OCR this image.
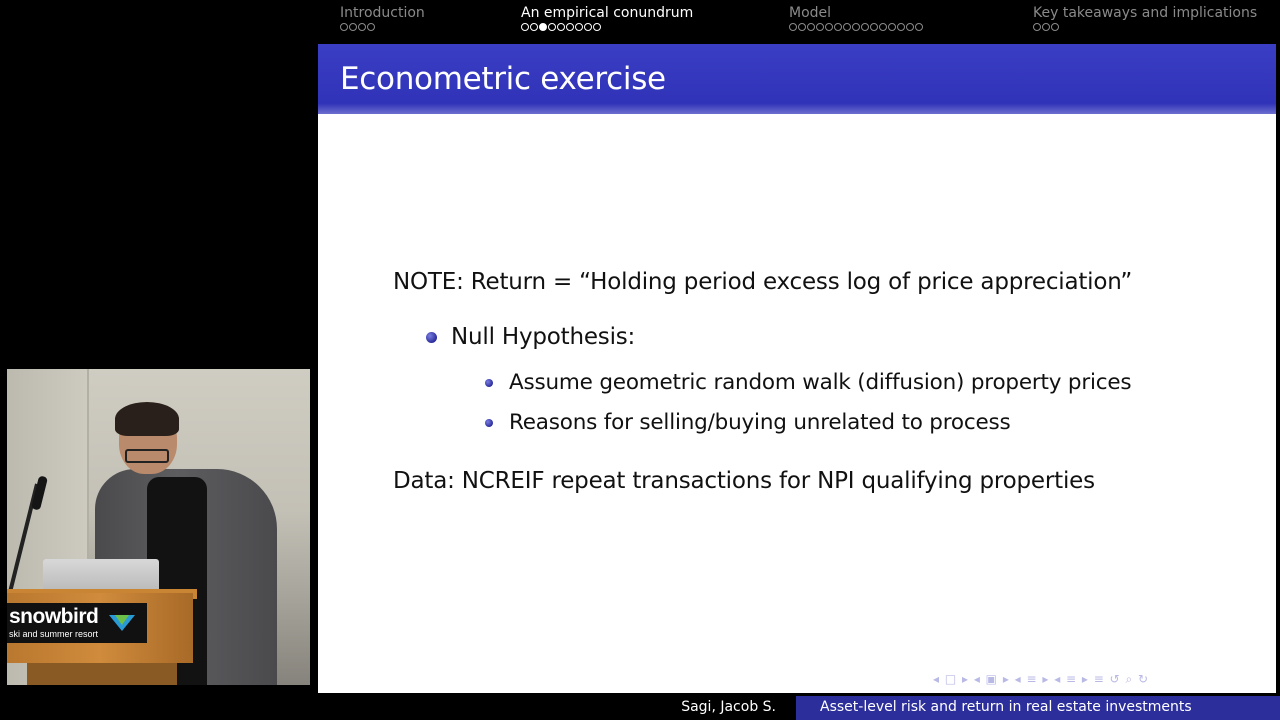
snowbird
ski and summer resort
Introduction	An empirical conundrum	Model	Key takeaways and implications
Econometric exercise
NOTE: Return = “Holding period excess log of price appreciation”
Null Hypothesis:
Assume geometric random walk (diffusion) property prices
Reasons for selling/buying unrelated to process
Data: NCREIF repeat transactions for NPI qualifying properties
◂ □ ▸ ◂ ▣ ▸ ◂ ≡ ▸ ◂ ≡ ▸ ≡ ↺ ⌕ ↻
Sagi, Jacob S.	Asset-level risk and return in real estate investments
